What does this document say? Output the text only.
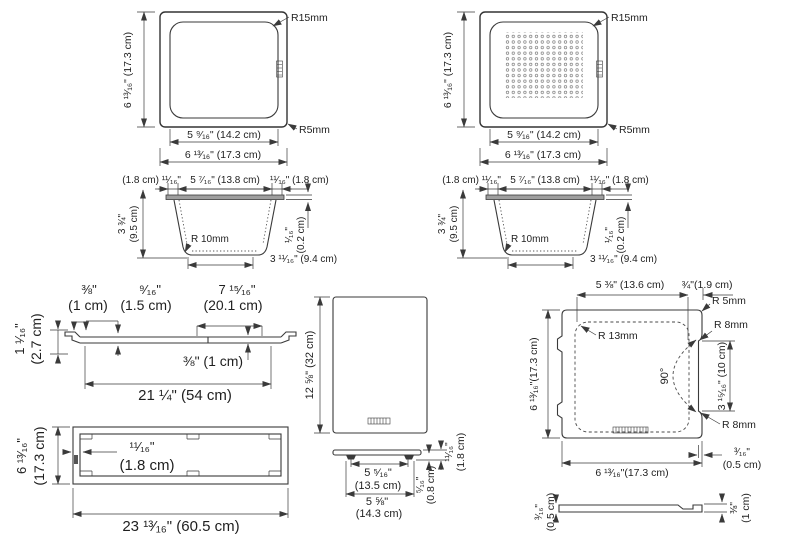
6 ¹³⁄₁₆" (17.3 cm)
R15mm
R5mm
5 ⁹⁄₁₆" (14.2 cm)
6 ¹³⁄₁₆" (17.3 cm)
(1.8 cm) ¹¹⁄₁₆" 5 ⁷⁄₁₆" (13.8 cm) ¹¹⁄₁₆" (1.8 cm)
3 ¾" (9.5 cm)	R 10mm	¹⁄₁₆" (0.2 cm)
3 ¹¹⁄₁₆" (9.4 cm)
⅜"
(1 cm)
⁹⁄₁₆"
(1.5 cm)
7 ¹⁵⁄₁₆"
(20.1 cm)
1 ¹⁄₁₆" (2.7 cm)	⅜" (1 cm)
21 ¼" (54 cm)
6 ¹³⁄₁₆" (17.3 cm)	¹¹⁄₁₆"
(1.8 cm)
23 ¹³⁄₁₆" (60.5 cm)
12 ⅝" (32 cm)
5 ⁵⁄₁₆"
(13.5 cm)
5 ⅝"
(14.3 cm)
⁵⁄₁₆" (0.8 cm)
¹¹⁄₁₆" (1.8 cm)
5 ⅜" (13.6 cm) ¾"(1.9 cm)
R 5mm
R 8mm
R 13mm
90°	3 ¹⁵⁄₁₆" (10 cm)
R 8mm
6 ¹³⁄₁₆"(17.3 cm)
6 ¹³⁄₁₆"(17.3 cm)
³⁄₁₆"
(0.5 cm)
³⁄₁₆" (0.5 cm)	⅜" (1 cm)
